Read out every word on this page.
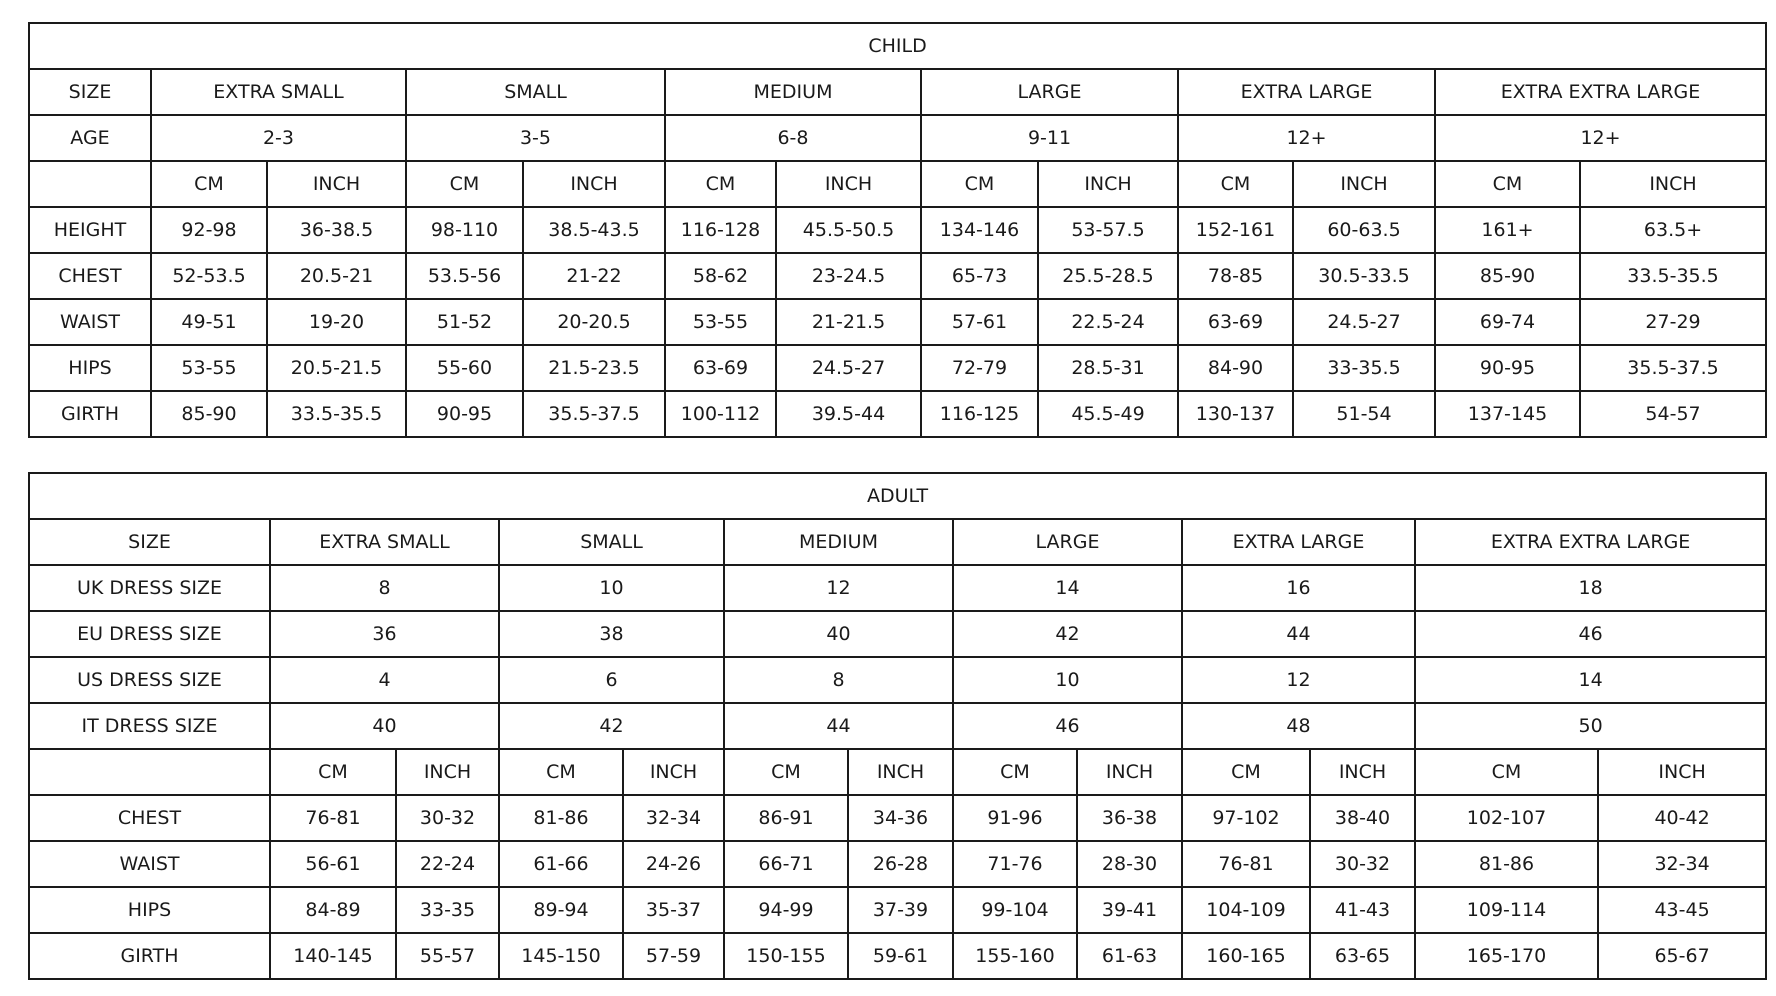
CHILD												
SIZE	EXTRA SMALL		SMALL		MEDIUM		LARGE		EXTRA LARGE		EXTRA EXTRA LARGE	
AGE	2-3		3-5		6-8		9-11		12+		12+	
	CM	INCH	CM	INCH	CM	INCH	CM	INCH	CM	INCH	CM	INCH
HEIGHT	92-98	36-38.5	98-110	38.5-43.5	116-128	45.5-50.5	134-146	53-57.5	152-161	60-63.5	161+	63.5+
CHEST	52-53.5	20.5-21	53.5-56	21-22	58-62	23-24.5	65-73	25.5-28.5	78-85	30.5-33.5	85-90	33.5-35.5
WAIST	49-51	19-20	51-52	20-20.5	53-55	21-21.5	57-61	22.5-24	63-69	24.5-27	69-74	27-29
HIPS	53-55	20.5-21.5	55-60	21.5-23.5	63-69	24.5-27	72-79	28.5-31	84-90	33-35.5	90-95	35.5-37.5
GIRTH	85-90	33.5-35.5	90-95	35.5-37.5	100-112	39.5-44	116-125	45.5-49	130-137	51-54	137-145	54-57
ADULT												
SIZE	EXTRA SMALL		SMALL		MEDIUM		LARGE		EXTRA LARGE		EXTRA EXTRA LARGE	
UK DRESS SIZE	8		10		12		14		16		18	
EU DRESS SIZE	36		38		40		42		44		46	
US DRESS SIZE	4		6		8		10		12		14	
IT DRESS SIZE	40		42		44		46		48		50	
	CM	INCH	CM	INCH	CM	INCH	CM	INCH	CM	INCH	CM	INCH
CHEST	76-81	30-32	81-86	32-34	86-91	34-36	91-96	36-38	97-102	38-40	102-107	40-42
WAIST	56-61	22-24	61-66	24-26	66-71	26-28	71-76	28-30	76-81	30-32	81-86	32-34
HIPS	84-89	33-35	89-94	35-37	94-99	37-39	99-104	39-41	104-109	41-43	109-114	43-45
GIRTH	140-145	55-57	145-150	57-59	150-155	59-61	155-160	61-63	160-165	63-65	165-170	65-67
